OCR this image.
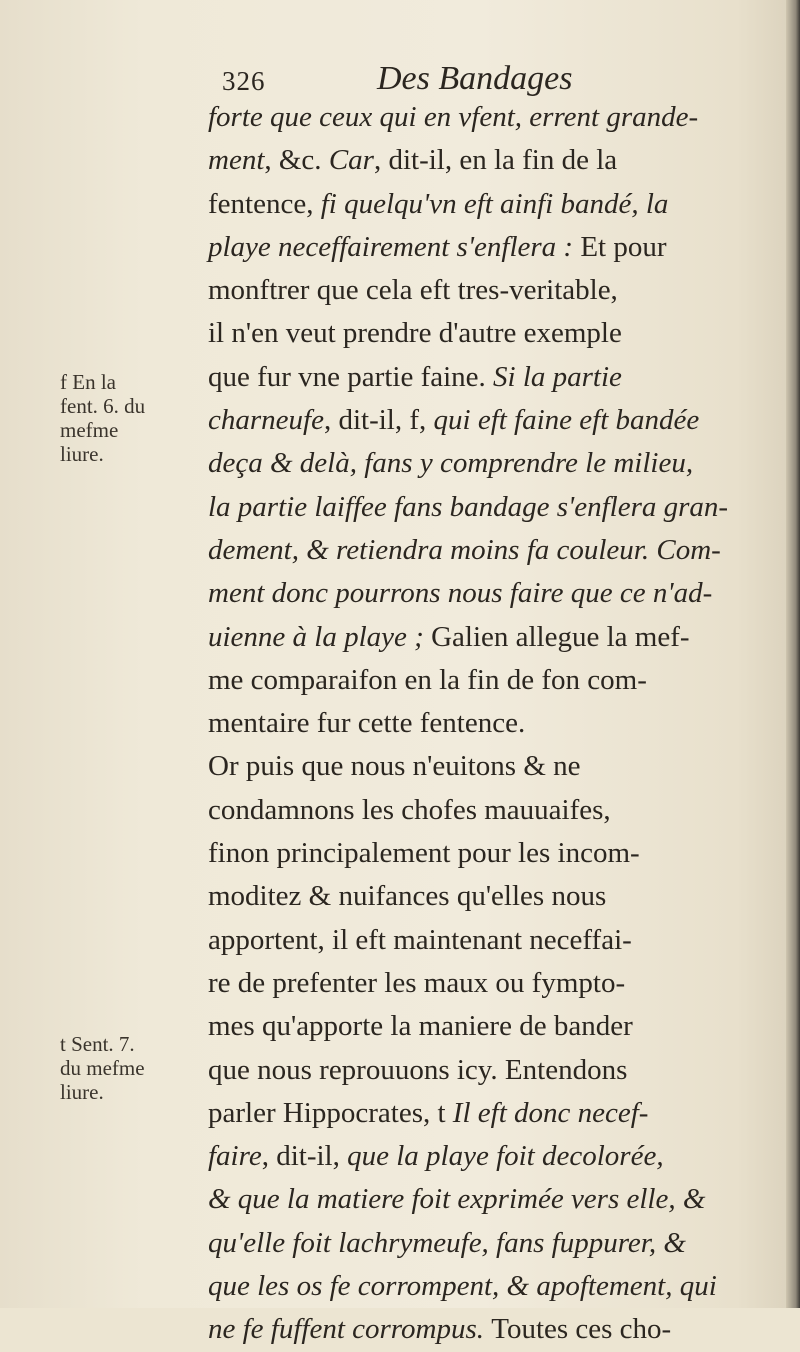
326	Des Bandages
f En la
fent. 6. du
mefme
liure.
t Sent. 7.
du mefme
liure.
forte que ceux qui en vfent, errent grande-
ment, &c. Car, dit-il, en la fin de la
fentence, fi quelqu'vn eft ainfi bandé, la
playe neceffairement s'enflera : Et pour
monftrer que cela eft tres-veritable,
il n'en veut prendre d'autre exemple
que fur vne partie faine. Si la partie
charneufe, dit-il, f, qui eft faine eft bandée
deça & delà, fans y comprendre le milieu,
la partie laiffee fans bandage s'enflera gran-
dement, & retiendra moins fa couleur. Com-
ment donc pourrons nous faire que ce n'ad-
uienne à la playe ; Galien allegue la mef-
me comparaifon en la fin de fon com-
mentaire fur cette fentence.
Or puis que nous n'euitons & ne
condamnons les chofes mauuaifes,
finon principalement pour les incom-
moditez & nuifances qu'elles nous
apportent, il eft maintenant neceffai-
re de prefenter les maux ou fympto-
mes qu'apporte la maniere de bander
que nous reprouuons icy. Entendons
parler Hippocrates, t Il eft donc necef-
faire, dit-il, que la playe foit decolorée,
& que la matiere foit exprimée vers elle, &
qu'elle foit lachrymeufe, fans fuppurer, &
que les os fe corrompent, & apoftement, qui
ne fe fuffent corrompus. Toutes ces cho-
